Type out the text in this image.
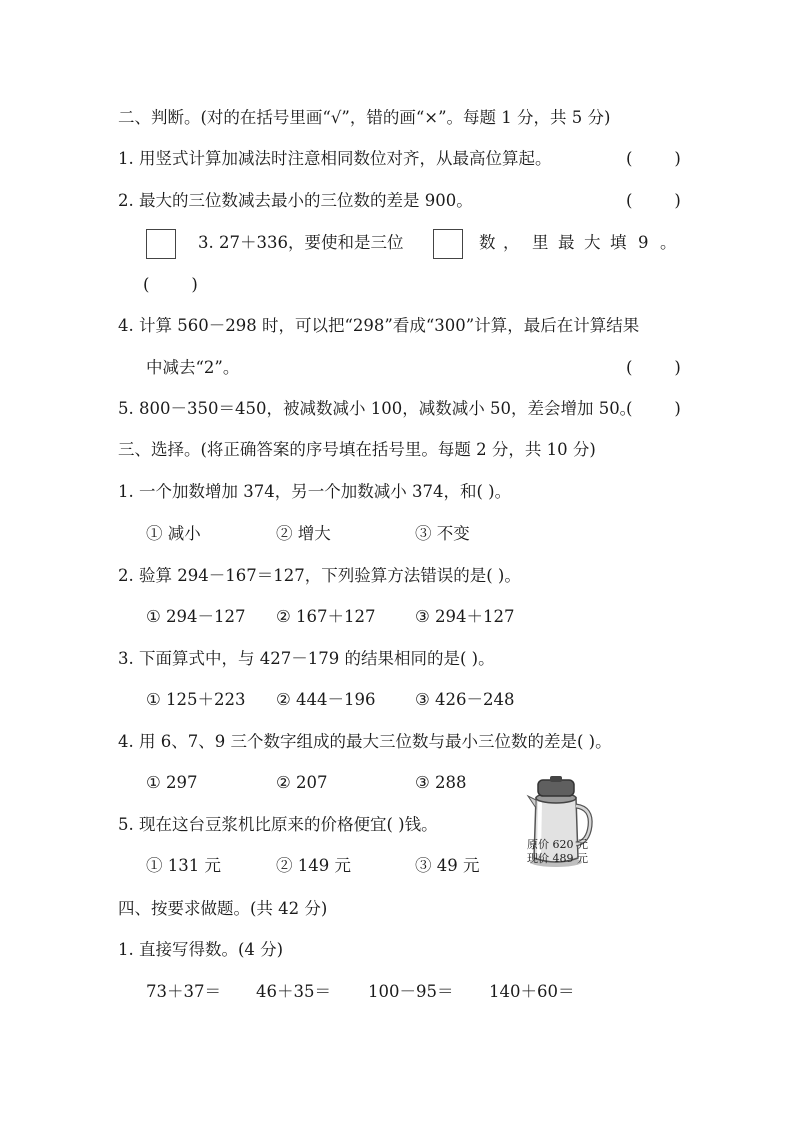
二、判断。(对的在括号里画“√”，错的画“×”。每题 1 分，共 5 分)
1. 用竖式计算加减法时注意相同数位对齐，从最高位算起。	(        )
2. 最大的三位数减去最小的三位数的差是 900。	(        )
3. 27＋336，要使和是三位	数 ， 里 最 大 填 9 。
(        )
4. 计算 560－298 时，可以把“298”看成“300”计算，最后在计算结果
中减去“2”。	(        )
5. 800－350＝450，被减数减小 100，减数减小 50，差会增加 50。
(        )
三、选择。(将正确答案的序号填在括号里。每题 2 分，共 10 分)
1. 一个加数增加 374，另一个加数减小 374，和( )。
① 减小	② 增大	③ 不变
2. 验算 294－167＝127，下列验算方法错误的是( )。
① 294－127 ② 167＋127 ③ 294＋127
3. 下面算式中，与 427－179 的结果相同的是( )。
① 125＋223 ② 444－196 ③ 426－248
4. 用 6、7、9 三个数字组成的最大三位数与最小三位数的差是( )。
① 297	② 207	③ 288
5. 现在这台豆浆机比原来的价格便宜( )钱。
① 131 元	② 149 元	③ 49 元
原价 620 元
现价 489 元
四、按要求做题。(共 42 分)
1. 直接写得数。(4 分)
73＋37＝ 46＋35＝ 100－95＝ 140＋60＝
